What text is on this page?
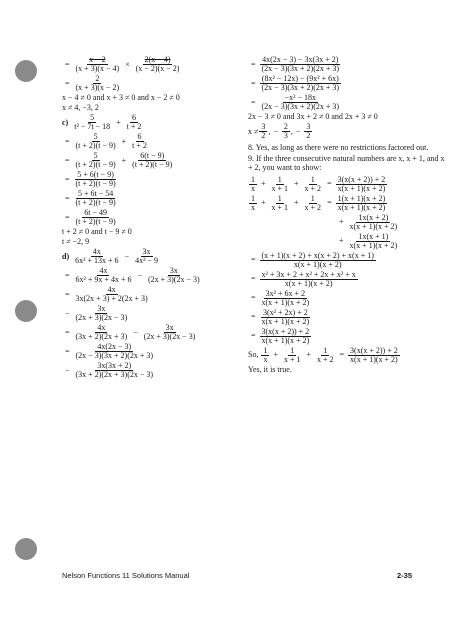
= $\frac{x - 2}{(x + 3)(x - 4)} \times \frac{2(x - 4)}{(x - 2)(x - 2)}$
= $\frac{2}{(x + 3)(x - 2)}$
x − 4 ≠ 0 and x + 3 ≠ 0 and x − 2 ≠ 0
x ≠ 4, −3, 2
$c) \frac{5}{\text{t² − 7t − 18}} + \frac{6}{t + 2}$
= $\frac{5}{(t + 2)(t - 9)} + \frac{6}{t + 2}$
= $\frac{5}{(t + 2)(t - 9)} + \frac{6(t - 9)}{(t + 2)(t - 9)}$
= $\frac{5 + 6(t - 9)}{(t + 2)(t - 9)}$
= $\frac{5 + 6t - 54}{(t + 2)(t - 9)}$
= $\frac{6t - 49}{(t + 2)(t - 9)}$
t + 2 ≠ 0 and t − 9 ≠ 0
t ≠ −2, 9
$d) \frac{4x}{\text{6x² + 13x + 6}} - \frac{3x}{\text{4x² − 9}}$
= $\frac{4x}{\text{6x² + 9x + 4x + 6}} - \frac{3x}{(2x + 3)(2x - 3)}$
= $\frac{4x}{3x(2x + 3) + 2(2x + 3)}$
− $\frac{3x}{(2x + 3)(2x - 3)}$
= $\frac{4x}{(3x + 2)(2x + 3)} - \frac{3x}{(2x + 3)(2x - 3)}$
= $\frac{4x(2x - 3)}{(2x - 3)(3x + 2)(2x + 3)}$
− $\frac{3x(3x + 2)}{(3x + 2)(2x + 3)(2x - 3)}$
= $\frac{4x(2x - 3) - 3x(3x + 2)}{(2x - 3)(3x + 2)(2x + 3)}$
= $\frac{\text{(8x² − 12x) − (9x² + 6x)}}{(2x - 3)(3x + 2)(2x + 3)}$
= $\frac{\text{−x² − 18x}}{(2x - 3)(3x + 2)(2x + 3)}$
2x − 3 ≠ 0 and 3x + 2 ≠ 0 and 2x + 3 ≠ 0
$x \ne \frac{3}{2}$ , − $\frac{2}{3}$ , − $\frac{3}{2}$
8. Yes, as long as there were no restrictions factored out.
9. If the three consecutive natural numbers are x, x + 1, and x + 2, you want to show:
$\frac{1}{x} + \frac{1}{x + 1} + \frac{1}{x + 2} = \frac{3(x(x + 2)) + 2}{x(x + 1)(x + 2)}$
$\frac{1}{x} + \frac{1}{x + 1} + \frac{1}{x + 2} = \frac{1(x + 1)(x + 2)}{x(x + 1)(x + 2)}$
+ $\frac{1x(x + 2)}{x(x + 1)(x + 2)}$
+ $\frac{1x(x + 1)}{x(x + 1)(x + 2)}$
= $\frac{(x + 1)(x + 2) + x(x + 2) + x(x + 1)}{x(x + 1)(x + 2)}$
= $\frac{\text{x² + 3x + 2 + x² + 2x + x² + x}}{x(x + 1)(x + 2)}$
= $\frac{\text{3x² + 6x + 2}}{x(x + 1)(x + 2)}$
= $\frac{\text{3(x² + 2x) + 2}}{x(x + 1)(x + 2)}$
= $\frac{3(x(x + 2)) + 2}{x(x + 1)(x + 2)}$
So, $\frac{1}{x} + \frac{1}{x + 1} + \frac{1}{x + 2} = \frac{3(x(x + 2)) + 2}{x(x + 1)(x + 2)}$
Yes, it is true.
Nelson Functions 11 Solutions Manual	2-35
